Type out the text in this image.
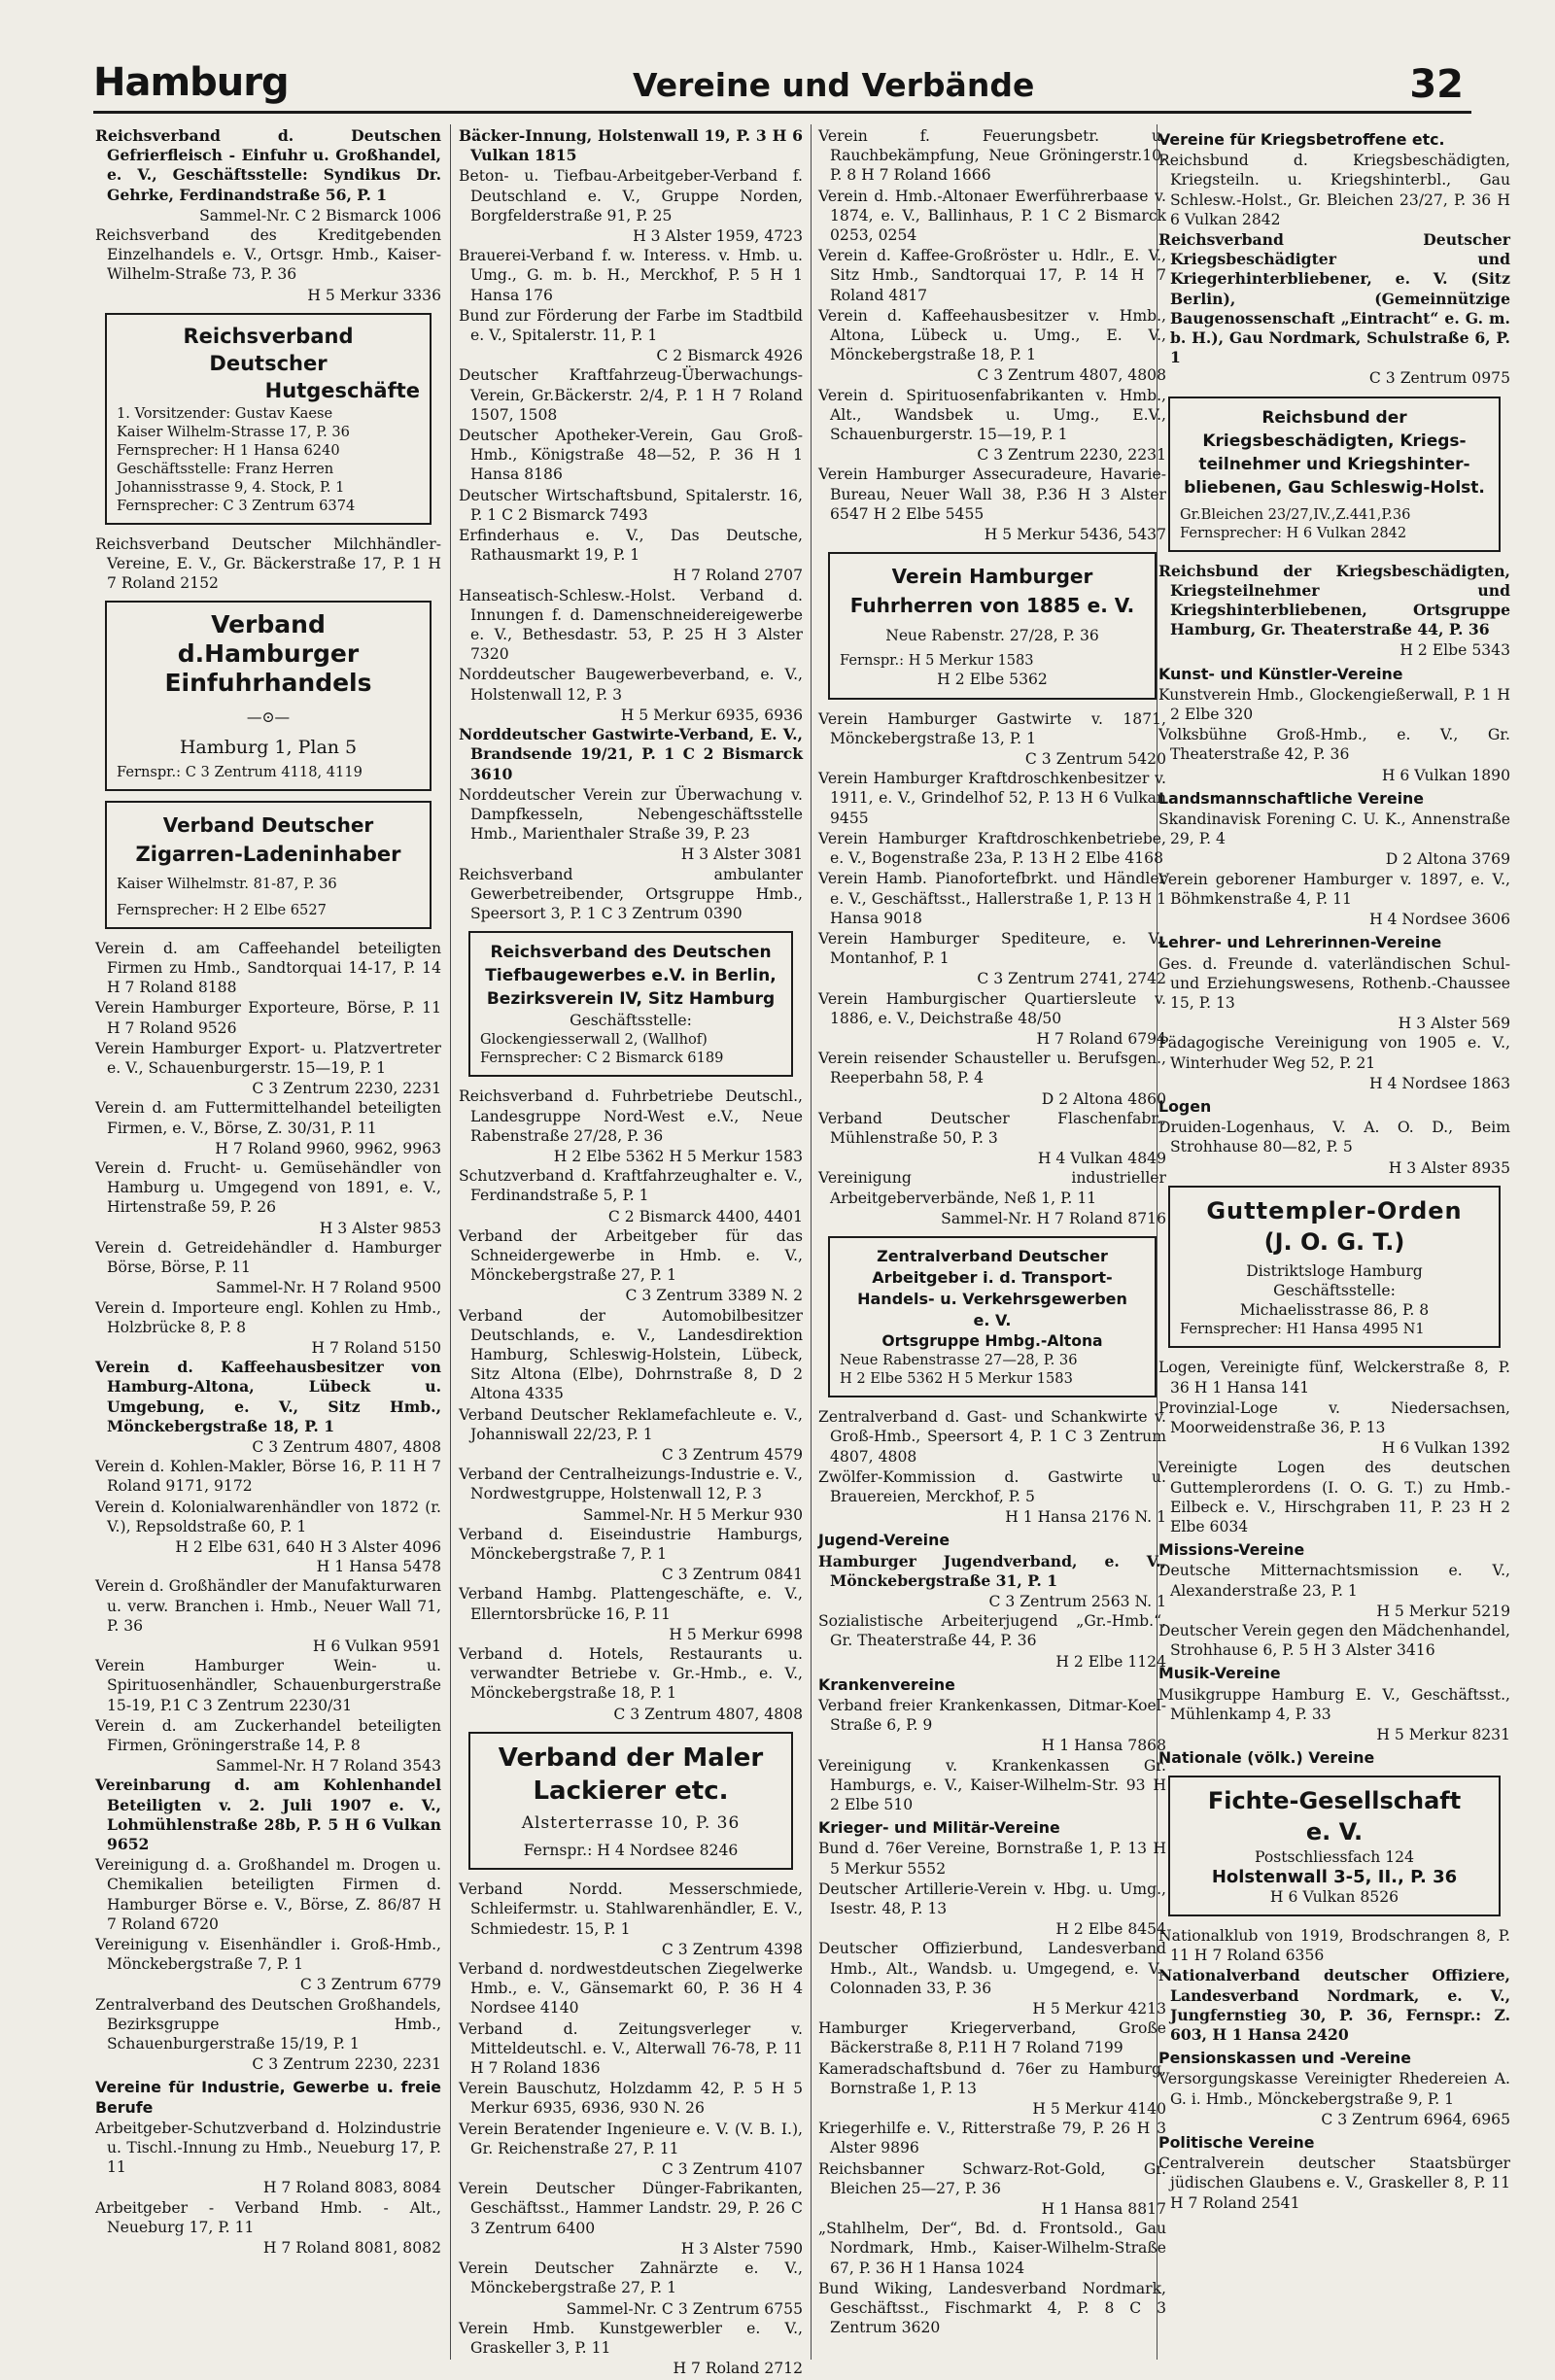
Hamburg	Vereine und Verbände	32

Reichsverband d. Deutschen Gefrierfleisch - Einfuhr u. Großhandel, e. V., Geschäftsstelle: Syndikus Dr. Gehrke, Ferdinandstraße 56, P. 1

Sammel-Nr. C 2 Bismarck 1006

Reichsverband des Kreditgebenden Einzelhandels e. V., Ortsgr. Hmb., Kaiser-Wilhelm-Straße 73, P. 36

H 5 Merkur 3336

Reichsverband

Deutscher

Hutgeschäfte

1. Vorsitzender: Gustav Kaese

Kaiser Wilhelm-Strasse 17, P. 36

Fernsprecher: H 1 Hansa 6240

Geschäftsstelle: Franz Herren

Johannisstrasse 9, 4. Stock, P. 1

Fernsprecher: C 3 Zentrum 6374

Reichsverband Deutscher Milchhändler-Vereine, E. V., Gr. Bäckerstraße 17, P. 1 H 7 Roland 2152

Verband d.Hamburger

Einfuhrhandels

—⊙—

Hamburg 1, Plan 5

Fernspr.: C 3 Zentrum 4118, 4119

Verband Deutscher

Zigarren-Ladeninhaber

Kaiser Wilhelmstr. 81-87, P. 36

Fernsprecher: H 2 Elbe 6527

Verein d. am Caffeehandel beteiligten Firmen zu Hmb., Sandtorquai 14-17, P. 14 H 7 Roland 8188

Verein Hamburger Exporteure, Börse, P. 11 H 7 Roland 9526

Verein Hamburger Export- u. Platzvertreter e. V., Schauenburgerstr. 15—19, P. 1

C 3 Zentrum 2230, 2231

Verein d. am Futtermittelhandel beteiligten Firmen, e. V., Börse, Z. 30/31, P. 11

H 7 Roland 9960, 9962, 9963

Verein d. Frucht- u. Gemüsehändler von Hamburg u. Umgegend von 1891, e. V., Hirtenstraße 59, P. 26

H 3 Alster 9853

Verein d. Getreidehändler d. Hamburger Börse, Börse, P. 11

Sammel-Nr. H 7 Roland 9500

Verein d. Importeure engl. Kohlen zu Hmb., Holzbrücke 8, P. 8

H 7 Roland 5150

Verein d. Kaffeehausbesitzer von Hamburg-Altona, Lübeck u. Umgebung, e. V., Sitz Hmb., Mönckebergstraße 18, P. 1

C 3 Zentrum 4807, 4808

Verein d. Kohlen-Makler, Börse 16, P. 11 H 7 Roland 9171, 9172

Verein d. Kolonialwarenhändler von 1872 (r. V.), Repsoldstraße 60, P. 1

H 2 Elbe 631, 640 H 3 Alster 4096

H 1 Hansa 5478

Verein d. Großhändler der Manufakturwaren u. verw. Branchen i. Hmb., Neuer Wall 71, P. 36

H 6 Vulkan 9591

Verein Hamburger Wein- u. Spirituosenhändler, Schauenburgerstraße 15-19, P.1 C 3 Zentrum 2230/31

Verein d. am Zuckerhandel beteiligten Firmen, Gröningerstraße 14, P. 8

Sammel-Nr. H 7 Roland 3543

Vereinbarung d. am Kohlenhandel Beteiligten v. 2. Juli 1907 e. V., Lohmühlenstraße 28b, P. 5 H 6 Vulkan 9652

Vereinigung d. a. Großhandel m. Drogen u. Chemikalien beteiligten Firmen d. Hamburger Börse e. V., Börse, Z. 86/87 H 7 Roland 6720

Vereinigung v. Eisenhändler i. Groß-Hmb., Mönckebergstraße 7, P. 1

C 3 Zentrum 6779

Zentralverband des Deutschen Großhandels, Bezirksgruppe Hmb., Schauenburgerstraße 15/19, P. 1

C 3 Zentrum 2230, 2231

Vereine für Industrie, Gewerbe u. freie Berufe

Arbeitgeber-Schutzverband d. Holzindustrie u. Tischl.-Innung zu Hmb., Neueburg 17, P. 11

H 7 Roland 8083, 8084

Arbeitgeber - Verband Hmb. - Alt., Neueburg 17, P. 11

H 7 Roland 8081, 8082

Bäcker-Innung, Holstenwall 19, P. 3 H 6 Vulkan 1815

Beton- u. Tiefbau-Arbeitgeber-Verband f. Deutschland e. V., Gruppe Norden, Borgfelderstraße 91, P. 25

H 3 Alster 1959, 4723

Brauerei-Verband f. w. Interess. v. Hmb. u. Umg., G. m. b. H., Merckhof, P. 5 H 1 Hansa 176

Bund zur Förderung der Farbe im Stadtbild e. V., Spitalerstr. 11, P. 1

C 2 Bismarck 4926

Deutscher Kraftfahrzeug-Überwachungs-Verein, Gr.Bäckerstr. 2/4, P. 1 H 7 Roland 1507, 1508

Deutscher Apotheker-Verein, Gau Groß-Hmb., Königstraße 48—52, P. 36 H 1 Hansa 8186

Deutscher Wirtschaftsbund, Spitalerstr. 16, P. 1 C 2 Bismarck 7493

Erfinderhaus e. V., Das Deutsche, Rathausmarkt 19, P. 1

H 7 Roland 2707

Hanseatisch-Schlesw.-Holst. Verband d. Innungen f. d. Damenschneidereigewerbe e. V., Bethesdastr. 53, P. 25 H 3 Alster 7320

Norddeutscher Baugewerbeverband, e. V., Holstenwall 12, P. 3

H 5 Merkur 6935, 6936

Norddeutscher Gastwirte-Verband, E. V., Brandsende 19/21, P. 1 C 2 Bismarck 3610

Norddeutscher Verein zur Überwachung v. Dampfkesseln, Nebengeschäftsstelle Hmb., Marienthaler Straße 39, P. 23

H 3 Alster 3081

Reichsverband ambulanter Gewerbetreibender, Ortsgruppe Hmb., Speersort 3, P. 1 C 3 Zentrum 0390

Reichsverband des Deutschen

Tiefbaugewerbes e.V. in Berlin,

Bezirksverein IV, Sitz Hamburg

Geschäftsstelle:

Glockengiesserwall 2, (Wallhof)

Fernsprecher: C 2 Bismarck 6189

Reichsverband d. Fuhrbetriebe Deutschl., Landesgruppe Nord-West e.V., Neue Rabenstraße 27/28, P. 36

H 2 Elbe 5362 H 5 Merkur 1583

Schutzverband d. Kraftfahrzeughalter e. V., Ferdinandstraße 5, P. 1

C 2 Bismarck 4400, 4401

Verband der Arbeitgeber für das Schneidergewerbe in Hmb. e. V., Mönckebergstraße 27, P. 1

C 3 Zentrum 3389 N. 2

Verband der Automobilbesitzer Deutschlands, e. V., Landesdirektion Hamburg, Schleswig-Holstein, Lübeck, Sitz Altona (Elbe), Dohrnstraße 8, D 2 Altona 4335

Verband Deutscher Reklamefachleute e. V., Johanniswall 22/23, P. 1

C 3 Zentrum 4579

Verband der Centralheizungs-Industrie e. V., Nordwestgruppe, Holstenwall 12, P. 3

Sammel-Nr. H 5 Merkur 930

Verband d. Eiseindustrie Hamburgs, Mönckebergstraße 7, P. 1

C 3 Zentrum 0841

Verband Hambg. Plattengeschäfte, e. V., Ellerntorsbrücke 16, P. 11

H 5 Merkur 6998

Verband d. Hotels, Restaurants u. verwandter Betriebe v. Gr.-Hmb., e. V., Mönckebergstraße 18, P. 1

C 3 Zentrum 4807, 4808

Verband der Maler

Lackierer etc.

Alsterterrasse 10, P. 36

Fernspr.: H 4 Nordsee 8246

Verband Nordd. Messerschmiede, Schleifermstr. u. Stahlwarenhändler, E. V., Schmiedestr. 15, P. 1

C 3 Zentrum 4398

Verband d. nordwestdeutschen Ziegelwerke Hmb., e. V., Gänsemarkt 60, P. 36 H 4 Nordsee 4140

Verband d. Zeitungsverleger v. Mitteldeutschl. e. V., Alterwall 76-78, P. 11 H 7 Roland 1836

Verein Bauschutz, Holzdamm 42, P. 5 H 5 Merkur 6935, 6936, 930 N. 26

Verein Beratender Ingenieure e. V. (V. B. I.), Gr. Reichenstraße 27, P. 11

C 3 Zentrum 4107

Verein Deutscher Dünger-Fabrikanten, Geschäftsst., Hammer Landstr. 29, P. 26 C 3 Zentrum 6400

H 3 Alster 7590

Verein Deutscher Zahnärzte e. V., Mönckebergstraße 27, P. 1

Sammel-Nr. C 3 Zentrum 6755

Verein Hmb. Kunstgewerbler e. V., Graskeller 3, P. 11

H 7 Roland 2712

Verein f. Feuerungsbetr. u. Rauchbekämpfung, Neue Gröningerstr.10, P. 8 H 7 Roland 1666

Verein d. Hmb.-Altonaer Ewerführerbaase v. 1874, e. V., Ballinhaus, P. 1 C 2 Bismarck 0253, 0254

Verein d. Kaffee-Großröster u. Hdlr., E. V., Sitz Hmb., Sandtorquai 17, P. 14 H 7 Roland 4817

Verein d. Kaffeehausbesitzer v. Hmb., Altona, Lübeck u. Umg., E. V., Mönckebergstraße 18, P. 1

C 3 Zentrum 4807, 4808

Verein d. Spirituosenfabrikanten v. Hmb., Alt., Wandsbek u. Umg., E.V., Schauenburgerstr. 15—19, P. 1

C 3 Zentrum 2230, 2231

Verein Hamburger Assecuradeure, Havarie-Bureau, Neuer Wall 38, P.36 H 3 Alster 6547 H 2 Elbe 5455

H 5 Merkur 5436, 5437

Verein Hamburger

Fuhrherren von 1885 e. V.

Neue Rabenstr. 27/28, P. 36

Fernspr.: H 5 Merkur 1583

H 2 Elbe 5362

Verein Hamburger Gastwirte v. 1871, Mönckebergstraße 13, P. 1

C 3 Zentrum 5420

Verein Hamburger Kraftdroschkenbesitzer v. 1911, e. V., Grindelhof 52, P. 13 H 6 Vulkan 9455

Verein Hamburger Kraftdroschkenbetriebe, e. V., Bogenstraße 23a, P. 13 H 2 Elbe 4168

Verein Hamb. Pianofortefbrkt. und Händler e. V., Geschäftsst., Hallerstraße 1, P. 13 H 1 Hansa 9018

Verein Hamburger Spediteure, e. V., Montanhof, P. 1

C 3 Zentrum 2741, 2742

Verein Hamburgischer Quartiersleute v. 1886, e. V., Deichstraße 48/50

H 7 Roland 6794

Verein reisender Schausteller u. Berufsgen., Reeperbahn 58, P. 4

D 2 Altona 4860

Verband Deutscher Flaschenfabr., Mühlenstraße 50, P. 3

H 4 Vulkan 4849

Vereinigung industrieller Arbeitgeberverbände, Neß 1, P. 11

Sammel-Nr. H 7 Roland 8716

Zentralverband Deutscher

Arbeitgeber i. d. Transport-

Handels- u. Verkehrsgewerben

e. V.

Ortsgruppe Hmbg.-Altona

Neue Rabenstrasse 27—28, P. 36

H 2 Elbe 5362 H 5 Merkur 1583

Zentralverband d. Gast- und Schankwirte v. Groß-Hmb., Speersort 4, P. 1 C 3 Zentrum 4807, 4808

Zwölfer-Kommission d. Gastwirte u. Brauereien, Merckhof, P. 5

H 1 Hansa 2176 N. 1

Jugend-Vereine

Hamburger Jugendverband, e. V., Mönckebergstraße 31, P. 1

C 3 Zentrum 2563 N. 1

Sozialistische Arbeiterjugend „Gr.-Hmb.“, Gr. Theaterstraße 44, P. 36

H 2 Elbe 1124

Krankenvereine

Verband freier Krankenkassen, Ditmar-Koel-Straße 6, P. 9

H 1 Hansa 7868

Vereinigung v. Krankenkassen Gr. Hamburgs, e. V., Kaiser-Wilhelm-Str. 93 H 2 Elbe 510

Krieger- und Militär-Vereine

Bund d. 76er Vereine, Bornstraße 1, P. 13 H 5 Merkur 5552

Deutscher Artillerie-Verein v. Hbg. u. Umg., Isestr. 48, P. 13

H 2 Elbe 8454

Deutscher Offizierbund, Landesverband Hmb., Alt., Wandsb. u. Umgegend, e. V., Colonnaden 33, P. 36

H 5 Merkur 4213

Hamburger Kriegerverband, Große Bäckerstraße 8, P.11 H 7 Roland 7199

Kameradschaftsbund d. 76er zu Hamburg, Bornstraße 1, P. 13

H 5 Merkur 4140

Kriegerhilfe e. V., Ritterstraße 79, P. 26 H 3 Alster 9896

Reichsbanner Schwarz-Rot-Gold, Gr. Bleichen 25—27, P. 36

H 1 Hansa 8817

„Stahlhelm, Der“, Bd. d. Frontsold., Gau Nordmark, Hmb., Kaiser-Wilhelm-Straße 67, P. 36 H 1 Hansa 1024

Bund Wiking, Landesverband Nordmark, Geschäftsst., Fischmarkt 4, P. 8 C 3 Zentrum 3620

Vereine für Kriegsbetroffene etc.

Reichsbund d. Kriegsbeschädigten, Kriegsteiln. u. Kriegshinterbl., Gau Schlesw.-Holst., Gr. Bleichen 23/27, P. 36 H 6 Vulkan 2842

Reichsverband Deutscher Kriegsbeschädigter und Kriegerhinterbliebener, e. V. (Sitz Berlin), (Gemeinnützige Baugenossenschaft „Eintracht“ e. G. m. b. H.), Gau Nordmark, Schulstraße 6, P. 1

C 3 Zentrum 0975

Reichsbund der

Kriegsbeschädigten, Kriegs-

teilnehmer und Kriegshinter-

bliebenen, Gau Schleswig-Holst.

Gr.Bleichen 23/27,IV.,Z.441,P.36

Fernsprecher: H 6 Vulkan 2842

Reichsbund der Kriegsbeschädigten, Kriegsteilnehmer und Kriegshinterbliebenen, Ortsgruppe Hamburg, Gr. Theaterstraße 44, P. 36

H 2 Elbe 5343

Kunst- und Künstler-Vereine

Kunstverein Hmb., Glockengießerwall, P. 1 H 2 Elbe 320

Volksbühne Groß-Hmb., e. V., Gr. Theaterstraße 42, P. 36

H 6 Vulkan 1890

Landsmannschaftliche Vereine

Skandinavisk Forening C. U. K., Annenstraße 29, P. 4

D 2 Altona 3769

Verein geborener Hamburger v. 1897, e. V., Böhmkenstraße 4, P. 11

H 4 Nordsee 3606

Lehrer- und Lehrerinnen-Vereine

Ges. d. Freunde d. vaterländischen Schul- und Erziehungswesens, Rothenb.-Chaussee 15, P. 13

H 3 Alster 569

Pädagogische Vereinigung von 1905 e. V., Winterhuder Weg 52, P. 21

H 4 Nordsee 1863

Logen

Druiden-Logenhaus, V. A. O. D., Beim Strohhause 80—82, P. 5

H 3 Alster 8935

Guttempler-Orden

(J. O. G. T.)

Distriktsloge Hamburg

Geschäftsstelle:

Michaelisstrasse 86, P. 8

Fernsprecher: H1 Hansa 4995 N1

Logen, Vereinigte fünf, Welckerstraße 8, P. 36 H 1 Hansa 141

Provinzial-Loge v. Niedersachsen, Moorweidenstraße 36, P. 13

H 6 Vulkan 1392

Vereinigte Logen des deutschen Guttemplerordens (I. O. G. T.) zu Hmb.-Eilbeck e. V., Hirschgraben 11, P. 23 H 2 Elbe 6034

Missions-Vereine

Deutsche Mitternachtsmission e. V., Alexanderstraße 23, P. 1

H 5 Merkur 5219

Deutscher Verein gegen den Mädchenhandel, Strohhause 6, P. 5 H 3 Alster 3416

Musik-Vereine

Musikgruppe Hamburg E. V., Geschäftsst., Mühlenkamp 4, P. 33

H 5 Merkur 8231

Nationale (völk.) Vereine

Fichte-Gesellschaft

e. V.

Postschliessfach 124

Holstenwall 3-5, II., P. 36

H 6 Vulkan 8526

Nationalklub von 1919, Brodschrangen 8, P. 11 H 7 Roland 6356

Nationalverband deutscher Offiziere, Landesverband Nordmark, e. V., Jungfernstieg 30, P. 36, Fernspr.: Z. 603, H 1 Hansa 2420

Pensionskassen und -Vereine

Versorgungskasse Vereinigter Rhedereien A. G. i. Hmb., Mönckebergstraße 9, P. 1

C 3 Zentrum 6964, 6965

Politische Vereine

Centralverein deutscher Staatsbürger jüdischen Glaubens e. V., Graskeller 8, P. 11 H 7 Roland 2541
